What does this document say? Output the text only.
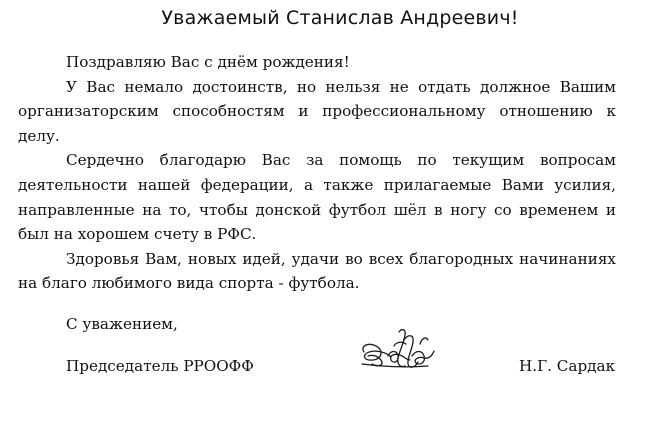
Уважаемый Станислав Андреевич!

Поздравляю Вас с днём рождения!

У Вас немало достоинств, но нельзя не отдать должное Вашим организаторским способностям и профессиональному отношению к делу.

Сердечно благодарю Вас за помощь по текущим вопросам деятельности нашей федерации, а также прилагаемые Вами усилия, направленные на то, чтобы донской футбол шёл в ногу со временем и был на хорошем счету в РФС.

Здоровья Вам, новых идей, удачи во всех благородных начинаниях на благо любимого вида спорта - футбола.

С уважением,
Председатель РРООФФ	Н.Г. Сардак
